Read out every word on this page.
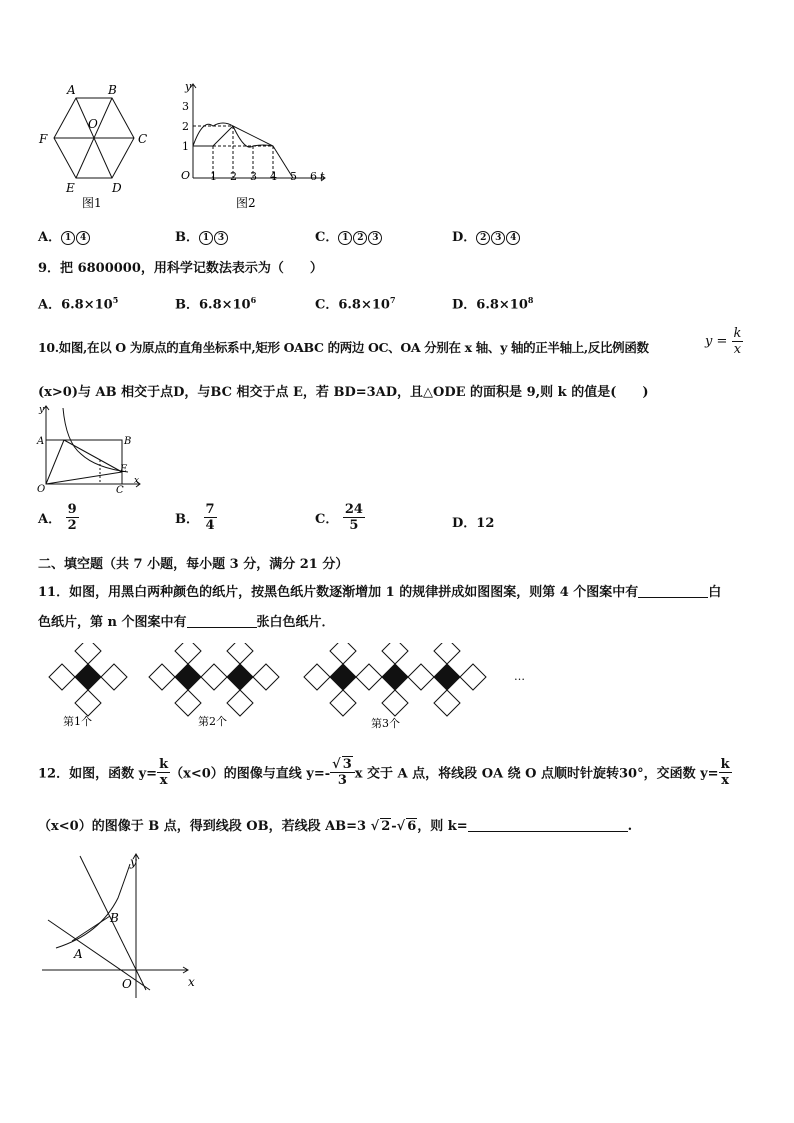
A	B
O
C
F
E	D
图1
y
3
2
1
O 1 2 3 4 5 6 t
图2
A． 1 4	B． 1 3	C． 1 2 3	D． 2 3 4
9．把 6800000，用科学记数法表示为（　　）
A．$6.8\times 10^5$	B．$6.8\times 10^6$	C．$6.8\times 10^7$	D．$6.8\times 10^8$
10.如图,在以 O 为原点的直角坐标系中,矩形 OABC 的两边 OC、OA 分别在 x 轴、y 轴的正半轴上,反比例函数	$y = \frac{k}{x}$
(x>0)与 AB 相交于点D，与BC 相交于点 E，若 BD=3AD，且△ODE 的面积是 9,则 k 的值是(　　)
y
A	B
E
O	C
x
A． $\frac{9}{2}$	B． $\frac{7}{4}$	C． $\frac{24}{5}$	D．12
二、填空题（共 7 小题，每小题 3 分，满分 21 分）
11．如图，用黑白两种颜色的纸片，按黑色纸片数逐渐增加 1 的规律拼成如图图案，则第 4 个图案中有	白
色纸片，第 n 个图案中有	张白色纸片．
第1个	第2个	第3个
…
12．如图，函数 $y= \frac{k}{x} (x<0)$的图像与直线 $y=- \frac{√ 3}{3}$ x 交于 A 点，将线段 OA 绕 O 点顺时针旋转30°，交函数 $y= \frac{k}{x}$
（x<0）的图像于 B 点，得到线段 OB，若线段 AB=3 √ 2-√ 6，则 k=	.
y
B
A
O	x
